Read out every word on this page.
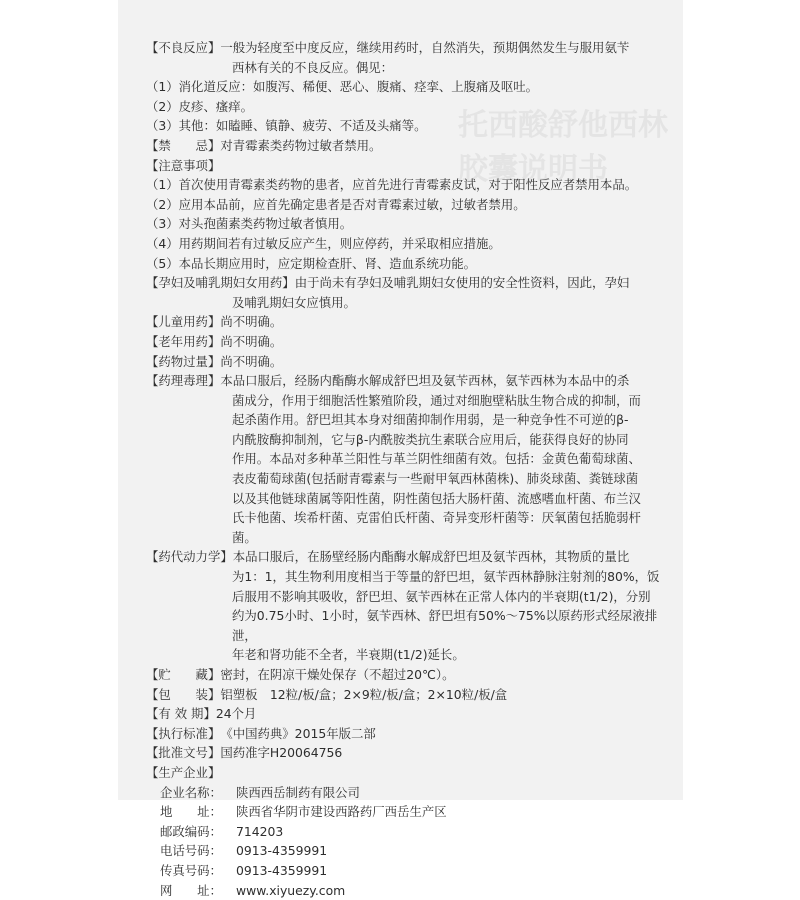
托西酸舒他西林胶囊说明书
【不良反应】 一般为轻度至中度反应，继续用药时，自然消失，预期偶然发生与服用氨苄
西林有关的不良反应。偶见：
（1）消化道反应：如腹泻、稀便、恶心、腹痛、痉挛、上腹痛及呕吐。
（2）皮疹、瘙痒。
（3）其他：如瞌睡、镇静、疲劳、不适及头痛等。
【禁　　忌】 对青霉素类药物过敏者禁用。
【注意事项】
（1）首次使用青霉素类药物的患者，应首先进行青霉素皮试，对于阳性反应者禁用本品。
（2）应用本品前，应首先确定患者是否对青霉素过敏，过敏者禁用。
（3）对头孢菌素类药物过敏者慎用。
（4）用药期间若有过敏反应产生，则应停药，并采取相应措施。
（5）本品长期应用时，应定期检查肝、肾、造血系统功能。
【孕妇及哺乳期妇女用药】 由于尚未有孕妇及哺乳期妇女使用的安全性资料，因此，孕妇
及哺乳期妇女应慎用。
【儿童用药】 尚不明确。
【老年用药】 尚不明确。
【药物过量】 尚不明确。
【药理毒理】 本品口服后，经肠内酯酶水解成舒巴坦及氨苄西林，氨苄西林为本品中的杀
菌成分，作用于细胞活性繁殖阶段，通过对细胞壁粘肽生物合成的抑制，而
起杀菌作用。舒巴坦其本身对细菌抑制作用弱，是一种竞争性不可逆的β-
内酰胺酶抑制剂，它与β-内酰胺类抗生素联合应用后，能获得良好的协同
作用。本品对多种革兰阳性与革兰阴性细菌有效。包括：金黄色葡萄球菌、
表皮葡萄球菌(包括耐青霉素与一些耐甲氧西林菌株)、肺炎球菌、粪链球菌
以及其他链球菌属等阳性菌，阴性菌包括大肠杆菌、流感嗜血杆菌、布兰汉
氏卡他菌、埃希杆菌、克雷伯氏杆菌、奇异变形杆菌等：厌氧菌包括脆弱杆
菌。
【药代动力学】 本品口服后，在肠壁经肠内酯酶水解成舒巴坦及氨苄西林，其物质的量比
为1：1，其生物利用度相当于等量的舒巴坦，氨苄西林静脉注射剂的80%，饭
后服用不影响其吸收，舒巴坦、氨苄西林在正常人体内的半衰期(t1/2)，分别
约为0.75小时、1小时，氨苄西林、舒巴坦有50%～75%以原药形式经尿液排泄，
年老和肾功能不全者，半衰期(t1/2)延长。
【贮　　藏】 密封，在阴凉干燥处保存（不超过20℃）。
【包　　装】 铝塑板　12粒/板/盒；2×9粒/板/盒；2×10粒/板/盒
【有 效 期】 24个月
【执行标准】 《中国药典》2015年版二部
【批准文号】 国药准字H20064756
【生产企业】
企业名称： 陕西西岳制药有限公司
地　　址： 陕西省华阴市建设西路药厂西岳生产区
邮政编码： 714203
电话号码： 0913-4359991
传真号码： 0913-4359991
网　　址： www.xiyuezy.com
